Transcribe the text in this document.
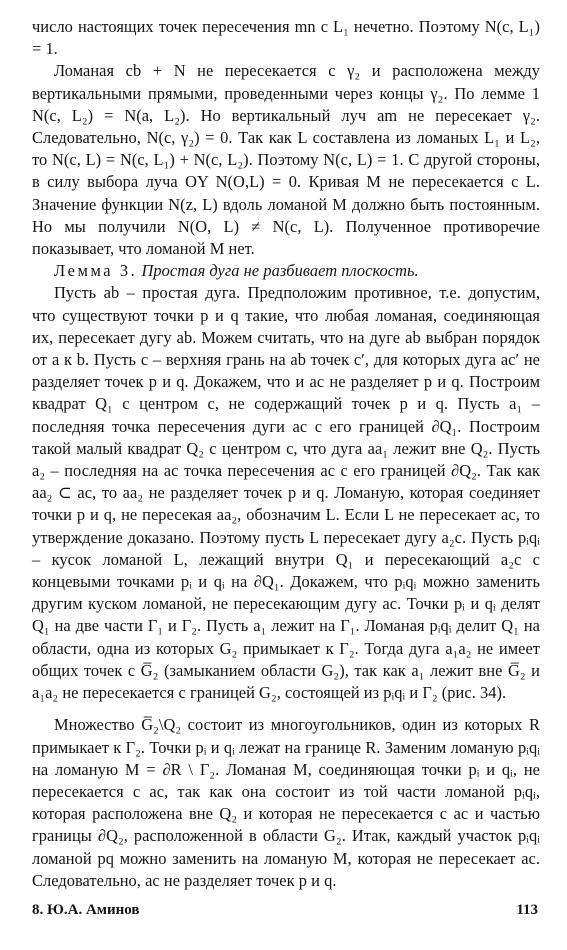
число настоящих точек пересечения mn с L₁ нечетно. Поэтому N(c, L₁) = 1.

Ломаная cb + N не пересекается с γ₂ и расположена между вертикальными прямыми, проведенными через концы γ₂. По лемме 1 N(c, L₂) = N(a, L₂). Но вертикальный луч am не пересекает γ₂. Следовательно, N(c, γ₂) = 0. Так как L составлена из ломаных L₁ и L₂, то N(c, L) = N(c, L₁) + N(c, L₂). Поэтому N(c, L) = 1. С другой стороны, в силу выбора луча OY N(O,L) = 0. Кривая M не пересекается с L. Значение функции N(z, L) вдоль ломаной M должно быть постоянным. Но мы получили N(O, L) ≠ N(c, L). Полученное противоречие показывает, что ломаной M нет.

Лемма 3. Простая дуга не разбивает плоскость.

Пусть ab – простая дуга. Предположим противное, т.е. допустим, что существуют точки p и q такие, что любая ломаная, соединяющая их, пересекает дугу ab. Можем считать, что на дуге ab выбран порядок от a к b. Пусть c – верхняя грань на ab точек c′, для которых дуга ac′ не разделяет точек p и q. Докажем, что и ac не разделяет p и q. Построим квадрат Q₁ с центром c, не содержащий точек p и q. Пусть a₁ – последняя точка пересечения дуги ac с его границей ∂Q₁. Построим такой малый квадрат Q₂ с центром c, что дуга aa₁ лежит вне Q₂. Пусть a₂ – последняя на ac точка пересечения ac с его границей ∂Q₂. Так как aa₂ ⊂ ac, то aa₂ не разделяет точек p и q. Ломаную, которая соединяет точки p и q, не пересекая aa₂, обозначим L. Если L не пересекает ac, то утверждение доказано. Поэтому пусть L пересекает дугу a₂c. Пусть pᵢqᵢ – кусок ломаной L, лежащий внутри Q₁ и пересекающий a₂c с концевыми точками pᵢ и qᵢ на ∂Q₁. Докажем, что pᵢqᵢ можно заменить другим куском ломаной, не пересекающим дугу ac. Точки pᵢ и qᵢ делят Q₁ на две части Γ₁ и Γ₂. Пусть a₁ лежит на Γ₁. Ломаная pᵢqᵢ делит Q₁ на области, одна из которых G₂ примыкает к Γ₂. Тогда дуга a₁a₂ не имеет общих точек с G̅₂ (замыканием области G₂), так как a₁ лежит вне G̅₂ и a₁a₂ не пересекается с границей G₂, состоящей из pᵢqᵢ и Γ₂ (рис. 34).

Множество G̅₂\Q₂ состоит из многоугольников, один из которых R примыкает к Γ₂. Точки pᵢ и qᵢ лежат на границе R. Заменим ломаную pᵢqᵢ на ломаную M = ∂R \ Γ₂. Ломаная M, соединяющая точки pᵢ и qᵢ, не пересекается с ac, так как она состоит из той части ломаной pᵢqᵢ, которая расположена вне Q₂ и которая не пересекается с ac и частью границы ∂Q₂, расположенной в области G₂. Итак, каждый участок pᵢqᵢ ломаной pq можно заменить на ломаную M, которая не пересекает ac. Следовательно, ac не разделяет точек p и q.

8. Ю.А. Аминов	113
